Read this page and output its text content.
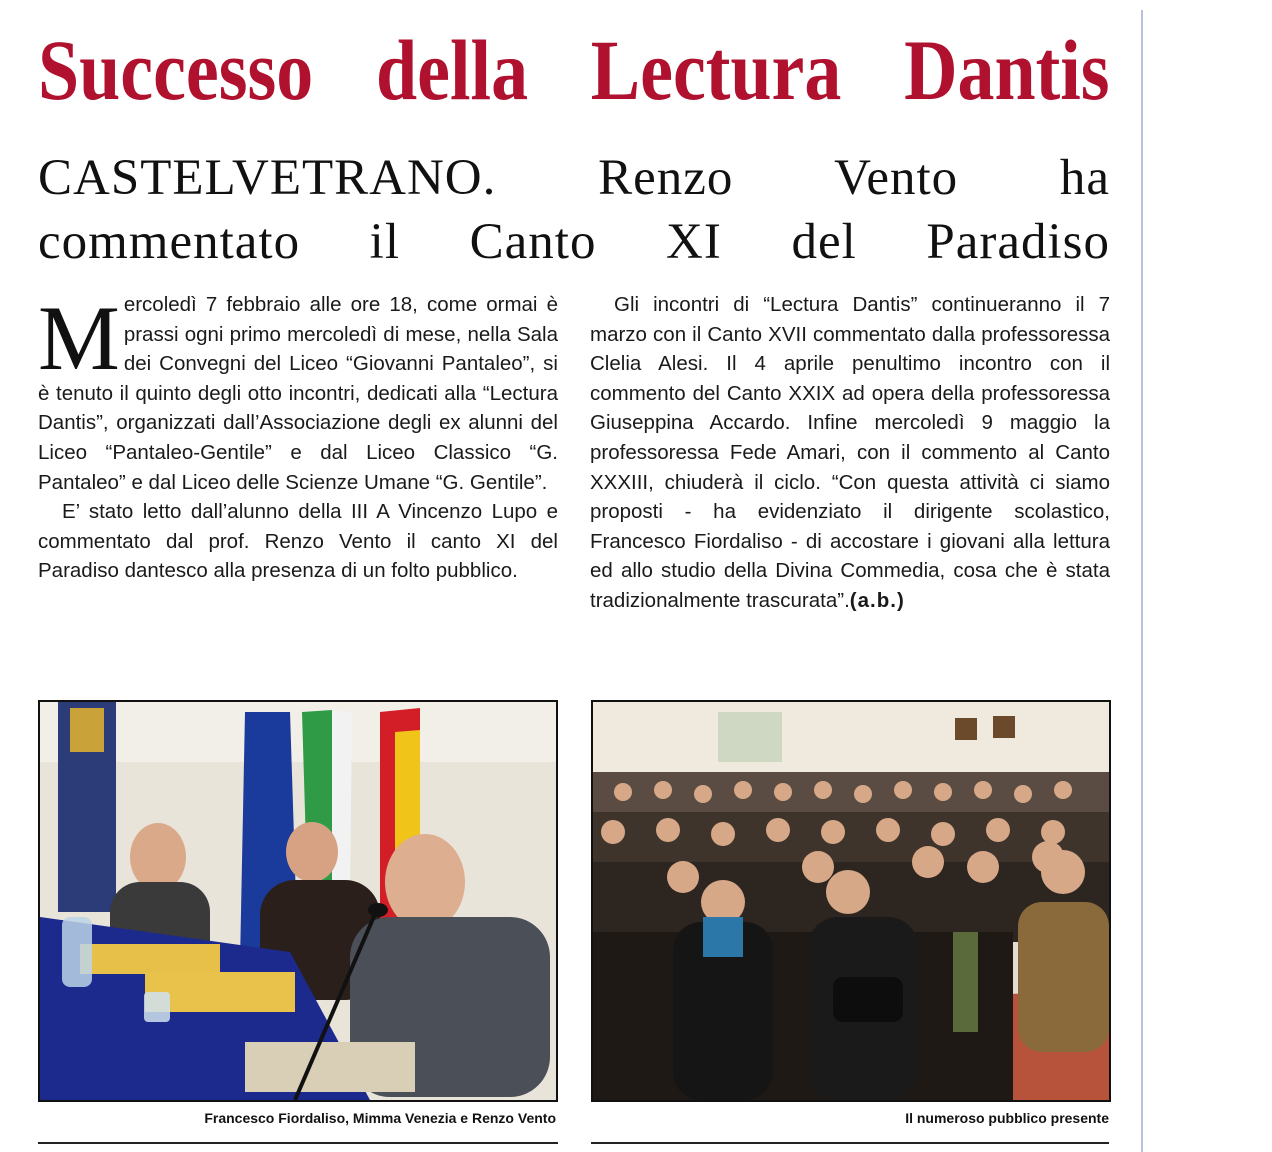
Successo della Lectura Dantis
CASTELVETRANO. Renzo Vento ha
commentato il Canto XI del Paradiso

Mercoledì 7 febbraio alle ore 18, come ormai è prassi ogni primo mercoledì di mese, nella Sala dei Convegni del Liceo “Giovanni Pantaleo”, si è tenuto il quinto degli otto incontri, dedicati alla “Lectura Dantis”, organizzati dall’Associazione degli ex alunni del Liceo “Pantaleo-Gentile” e dal Liceo Classico “G. Pantaleo” e dal Liceo delle Scienze Umane “G. Gentile”.

E’ stato letto dall’alunno della III A Vincenzo Lupo e commentato dal prof. Renzo Vento il canto XI del Paradiso dantesco alla presenza di un folto pubblico.

Gli incontri di “Lectura Dantis” continueranno il 7 marzo con il Canto XVII commentato dalla professoressa Clelia Alesi. Il 4 aprile penultimo incontro con il commento del Canto XXIX ad opera della professoressa Giuseppina Accardo. Infine mercoledì 9 maggio la professoressa Fede Amari, con il commento al Canto XXXIII, chiuderà il ciclo. “Con questa attività ci siamo proposti - ha evidenziato il dirigente scolastico, Francesco Fiordaliso - di accostare i giovani alla lettura ed allo studio della Divina Commedia, cosa che è stata tradizionalmente trascurata”.(a.b.)

Francesco Fiordaliso, Mimma Venezia e Renzo Vento	Il numeroso pubblico presente
